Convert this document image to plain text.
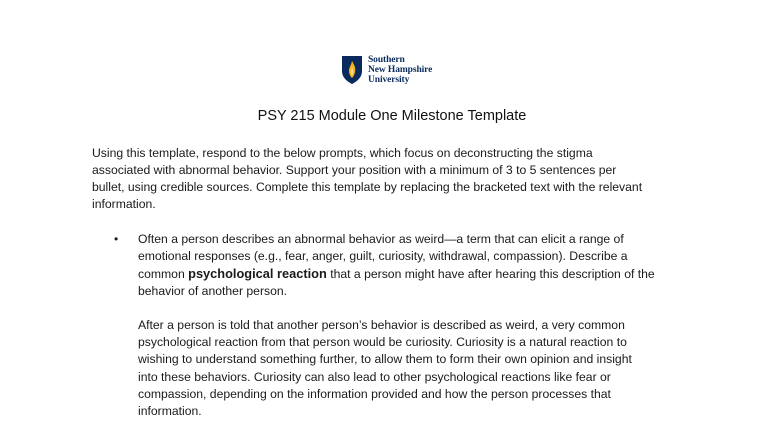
Southern
New Hampshire
University
PSY 215 Module One Milestone Template
Using this template, respond to the below prompts, which focus on deconstructing the stigma
associated with abnormal behavior. Support your position with a minimum of 3 to 5 sentences per
bullet, using credible sources. Complete this template by replacing the bracketed text with the relevant
information.
• Often a person describes an abnormal behavior as weird—a term that can elicit a range of
emotional responses (e.g., fear, anger, guilt, curiosity, withdrawal, compassion). Describe a
common psychological reaction that a person might have after hearing this description of the
behavior of another person.
After a person is told that another person’s behavior is described as weird, a very common
psychological reaction from that person would be curiosity. Curiosity is a natural reaction to
wishing to understand something further, to allow them to form their own opinion and insight
into these behaviors. Curiosity can also lead to other psychological reactions like fear or
compassion, depending on the information provided and how the person processes that
information.
